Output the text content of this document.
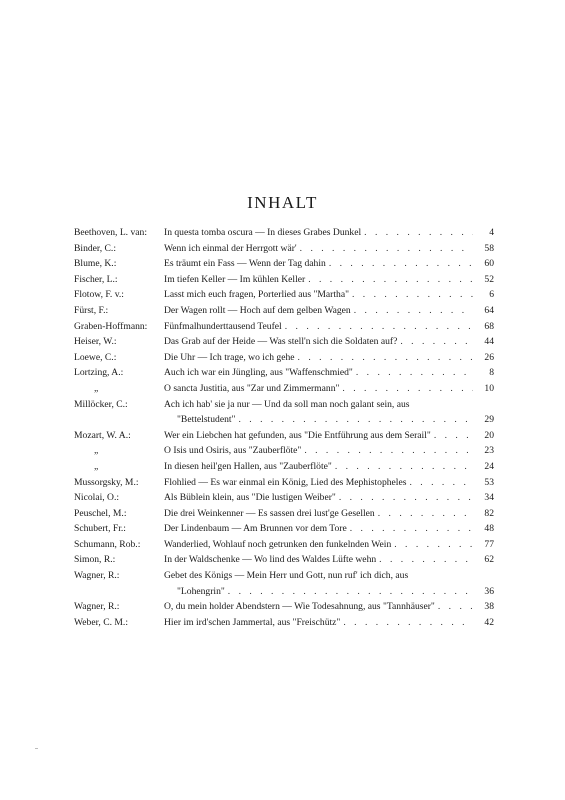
INHALT
Beethoven, L. van:	In questa tomba oscura — In dieses Grabes Dunkel . . .	4
Binder, C.:	Wenn ich einmal der Herrgott wär' . . .	58
Blume, K.:	Es träumt ein Fass — Wenn der Tag dahin . . .	60
Fischer, L.:	Im tiefen Keller — Im kühlen Keller . . .	52
Flotow, F. v.:	Lasst mich euch fragen, Porterlied aus "Martha" . . .	6
Fürst, F.:	Der Wagen rollt — Hoch auf dem gelben Wagen . . .	64
Graben-Hoffmann:	Fünfmalhunderttausend Teufel . . .	68
Heiser, W.:	Das Grab auf der Heide — Was stell'n sich die Soldaten auf? . . .	44
Loewe, C.:	Die Uhr — Ich trage, wo ich gehe . . .	26
Lortzing, A.:	Auch ich war ein Jüngling, aus "Waffenschmied" . . .	8
„	O sancta Justitia, aus "Zar und Zimmermann" . . .	10
Millöcker, C.:	Ach ich hab' sie ja nur — Und da soll man noch galant sein, aus
"Bettelstudent" . . .	29
Mozart, W. A.:	Wer ein Liebchen hat gefunden, aus "Die Entführung aus dem Serail" . . .	20
„	O Isis und Osiris, aus "Zauberflöte" . . .	23
„	In diesen heil'gen Hallen, aus "Zauberflöte" . . .	24
Mussorgsky, M.:	Flohlied — Es war einmal ein König, Lied des Mephistopheles . . .	53
Nicolai, O.:	Als Büblein klein, aus "Die lustigen Weiber" . . .	34
Peuschel, M.:	Die drei Weinkenner — Es sassen drei lust'ge Gesellen . . .	82
Schubert, Fr.:	Der Lindenbaum — Am Brunnen vor dem Tore . . .	48
Schumann, Rob.:	Wanderlied, Wohlauf noch getrunken den funkelnden Wein . . .	77
Simon, R.:	In der Waldschenke — Wo lind des Waldes Lüfte wehn . . .	62
Wagner, R.:	Gebet des Königs — Mein Herr und Gott, nun ruf' ich dich, aus
"Lohengrin" . . .	36
Wagner, R.:	O, du mein holder Abendstern — Wie Todesahnung, aus "Tannhäuser" . . .	38
Weber, C. M.:	Hier im ird'schen Jammertal, aus "Freischütz" . . .	42
